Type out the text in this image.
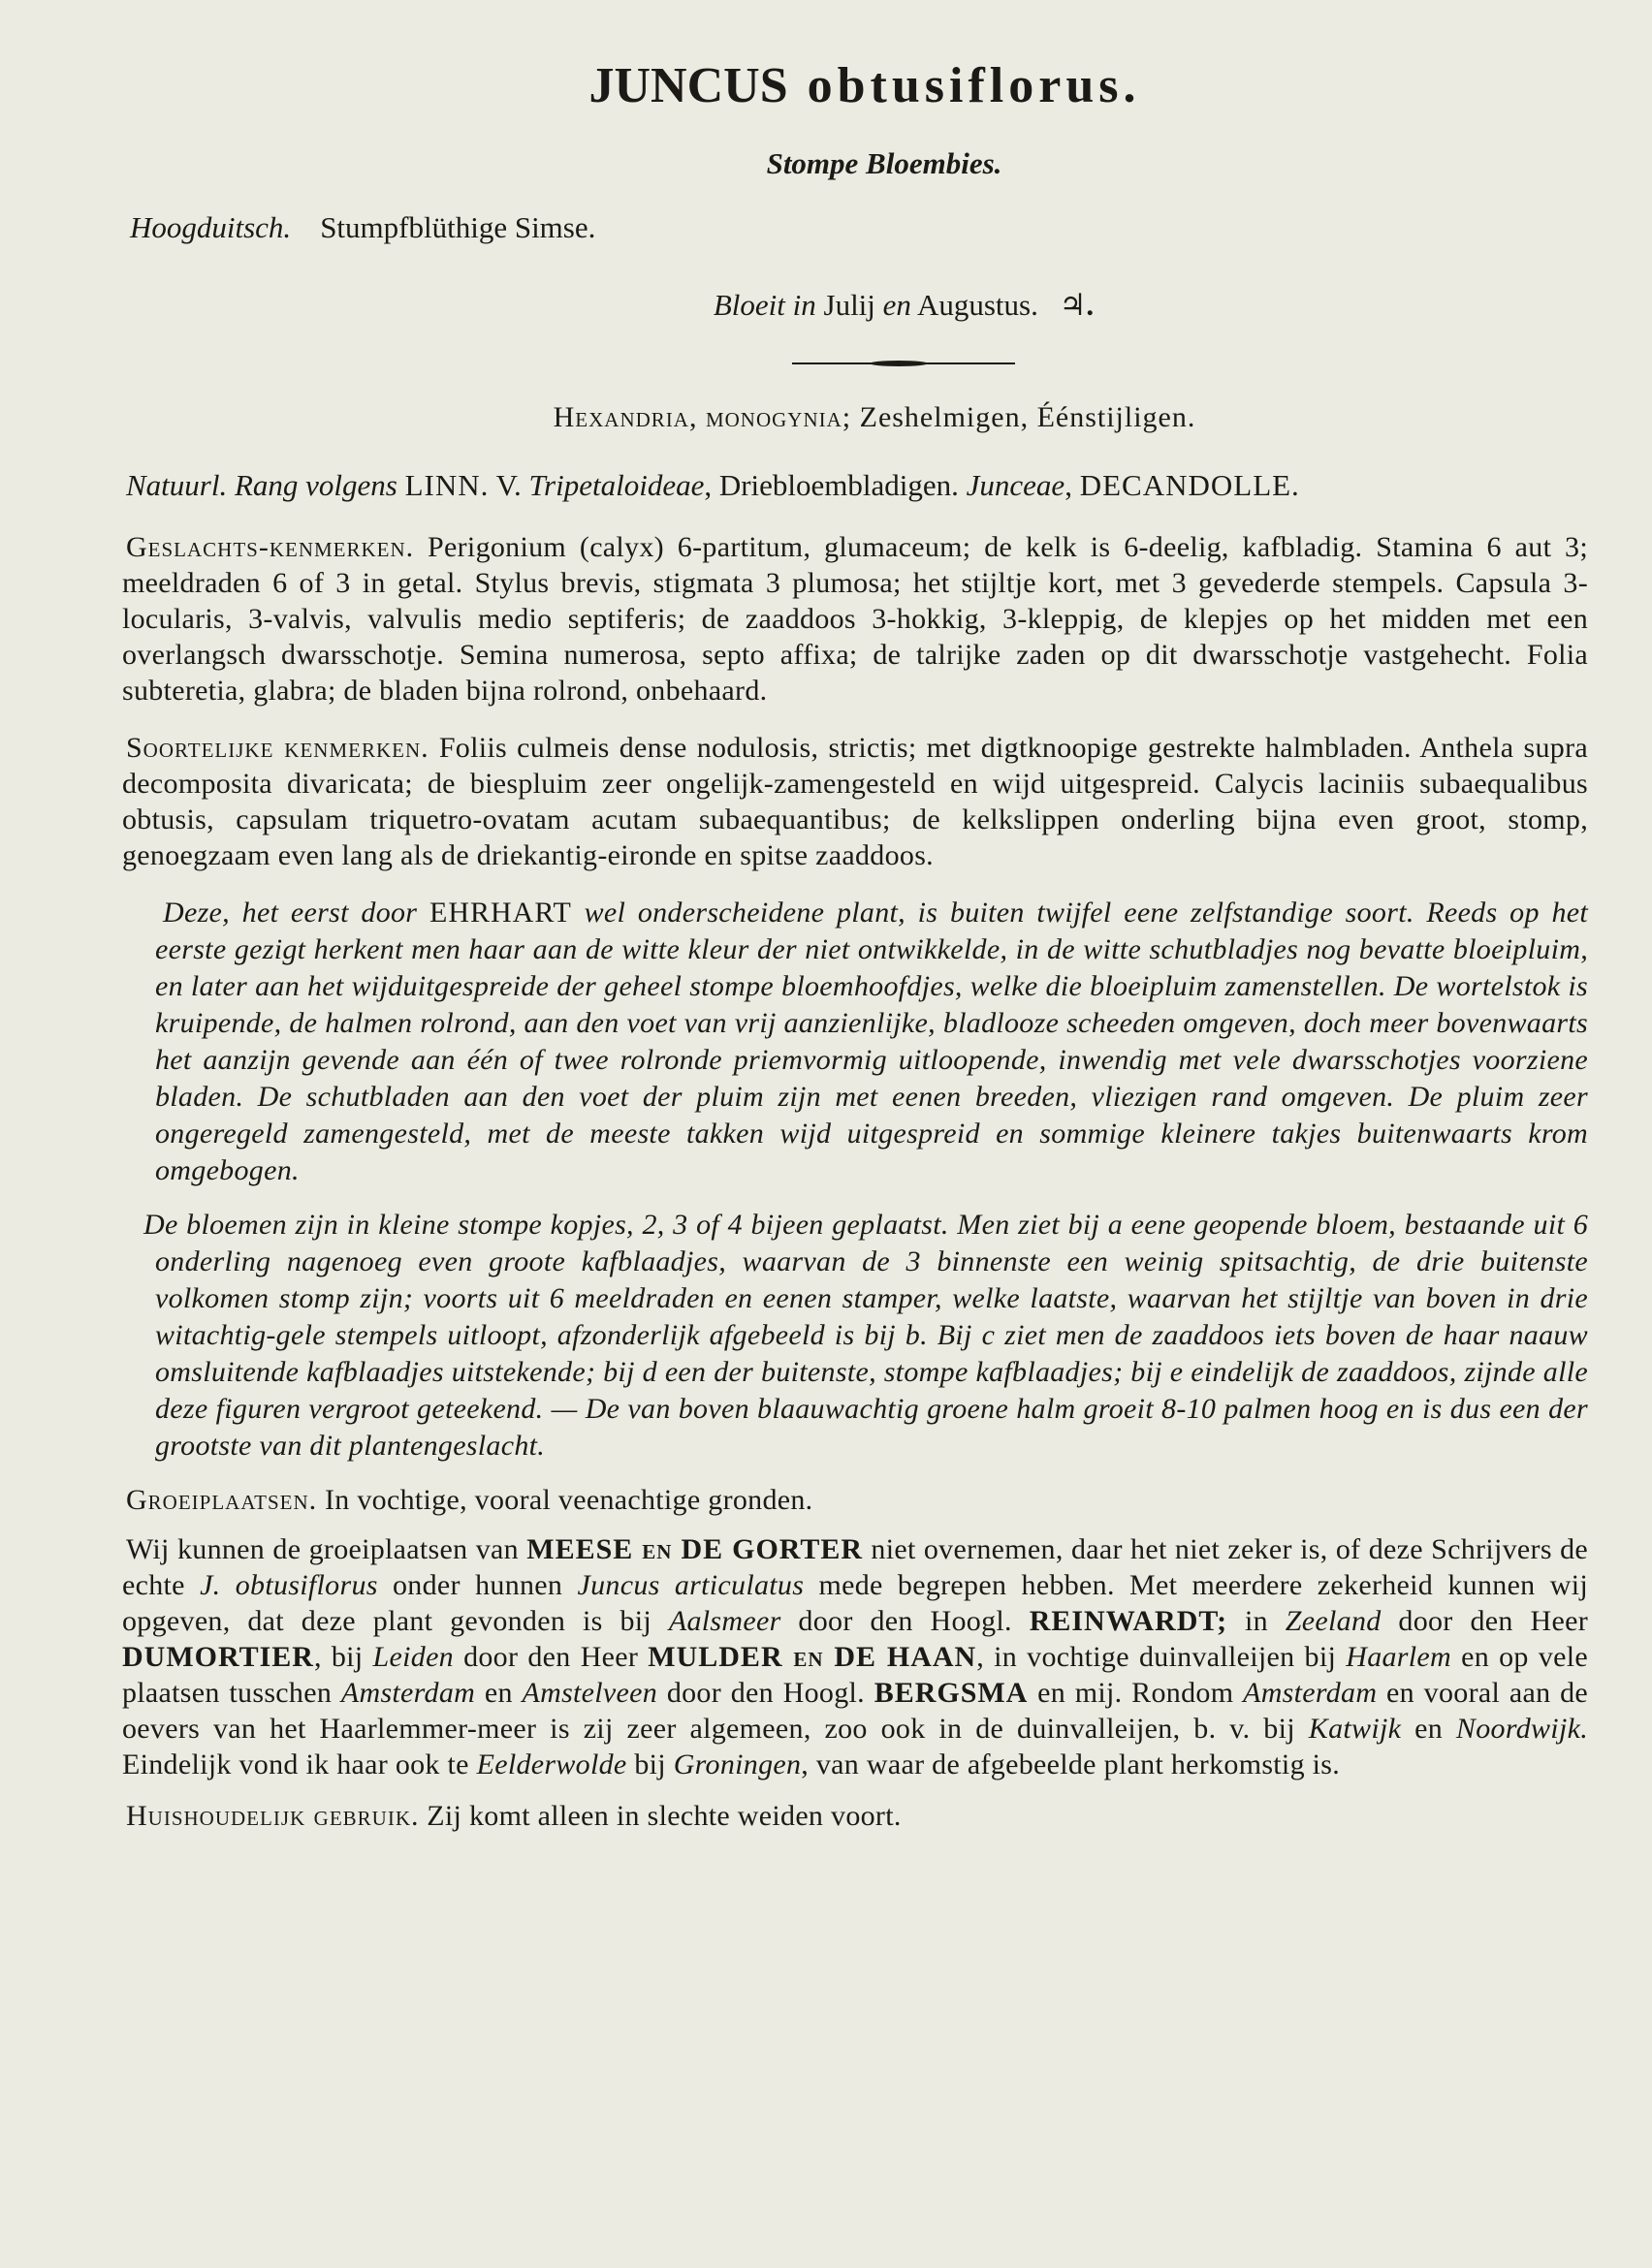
JUNCUS obtusiflorus.
Stompe Bloembies.
Hoogduitsch. Stumpfblüthige Simse.
Bloeit in Julij en Augustus. ♃.
Hexandria, monogynia; Zeshelmigen, Éénstijligen.
Natuurl. Rang volgens LINN. V. Tripetaloideae, Driebloembladigen. Junceae, DECANDOLLE.

Geslachts-kenmerken. Perigonium (calyx) 6-partitum, glumaceum; de kelk is 6-deelig, kafbladig. Stamina 6 aut 3; meeldraden 6 of 3 in getal. Stylus brevis, stigmata 3 plumosa; het stijltje kort, met 3 gevederde stempels. Capsula 3-locularis, 3-valvis, valvulis medio septiferis; de zaaddoos 3-hokkig, 3-kleppig, de klepjes op het midden met een overlangsch dwarsschotje. Semina numerosa, septo affixa; de talrijke zaden op dit dwarsschotje vastgehecht. Folia subteretia, glabra; de bladen bijna rolrond, onbehaard.

Soortelijke kenmerken. Foliis culmeis dense nodulosis, strictis; met digtknoopige gestrekte halmbladen. Anthela supra decomposita divaricata; de biespluim zeer ongelijk-zamengesteld en wijd uitgespreid. Calycis laciniis subaequalibus obtusis, capsulam triquetro-ovatam acutam subaequantibus; de kelkslippen onderling bijna even groot, stomp, genoegzaam even lang als de driekantig-eironde en spitse zaaddoos.

Deze, het eerst door EHRHART wel onderscheidene plant, is buiten twijfel eene zelfstandige soort. Reeds op het eerste gezigt herkent men haar aan de witte kleur der niet ontwikkelde, in de witte schutbladjes nog bevatte bloeipluim, en later aan het wijduitgespreide der geheel stompe bloemhoofdjes, welke die bloeipluim zamenstellen. De wortelstok is kruipende, de halmen rolrond, aan den voet van vrij aanzienlijke, bladlooze scheeden omgeven, doch meer bovenwaarts het aanzijn gevende aan één of twee rolronde priemvormig uitloopende, inwendig met vele dwarsschotjes voorziene bladen. De schutbladen aan den voet der pluim zijn met eenen breeden, vliezigen rand omgeven. De pluim zeer ongeregeld zamengesteld, met de meeste takken wijd uitgespreid en sommige kleinere takjes buitenwaarts krom omgebogen.

De bloemen zijn in kleine stompe kopjes, 2, 3 of 4 bijeen geplaatst. Men ziet bij a eene geopende bloem, bestaande uit 6 onderling nagenoeg even groote kafblaadjes, waarvan de 3 binnenste een weinig spitsachtig, de drie buitenste volkomen stomp zijn; voorts uit 6 meeldraden en eenen stamper, welke laatste, waarvan het stijltje van boven in drie witachtig-gele stempels uitloopt, afzonderlijk afgebeeld is bij b. Bij c ziet men de zaaddoos iets boven de haar naauw omsluitende kafblaadjes uitstekende; bij d een der buitenste, stompe kafblaadjes; bij e eindelijk de zaaddoos, zijnde alle deze figuren vergroot geteekend. — De van boven blaauwachtig groene halm groeit 8-10 palmen hoog en is dus een der grootste van dit plantengeslacht.

Groeiplaatsen. In vochtige, vooral veenachtige gronden.

Wij kunnen de groeiplaatsen van MEESE en DE GORTER niet overnemen, daar het niet zeker is, of deze Schrijvers de echte J. obtusiflorus onder hunnen Juncus articulatus mede begrepen hebben. Met meerdere zekerheid kunnen wij opgeven, dat deze plant gevonden is bij Aalsmeer door den Hoogl. REINWARDT; in Zeeland door den Heer DUMORTIER, bij Leiden door den Heer MULDER en DE HAAN, in vochtige duinvalleijen bij Haarlem en op vele plaatsen tusschen Amsterdam en Amstelveen door den Hoogl. BERGSMA en mij. Rondom Amsterdam en vooral aan de oevers van het Haarlemmer-meer is zij zeer algemeen, zoo ook in de duinvalleijen, b. v. bij Katwijk en Noordwijk. Eindelijk vond ik haar ook te Eelderwolde bij Groningen, van waar de afgebeelde plant herkomstig is.

Huishoudelijk gebruik. Zij komt alleen in slechte weiden voort.
